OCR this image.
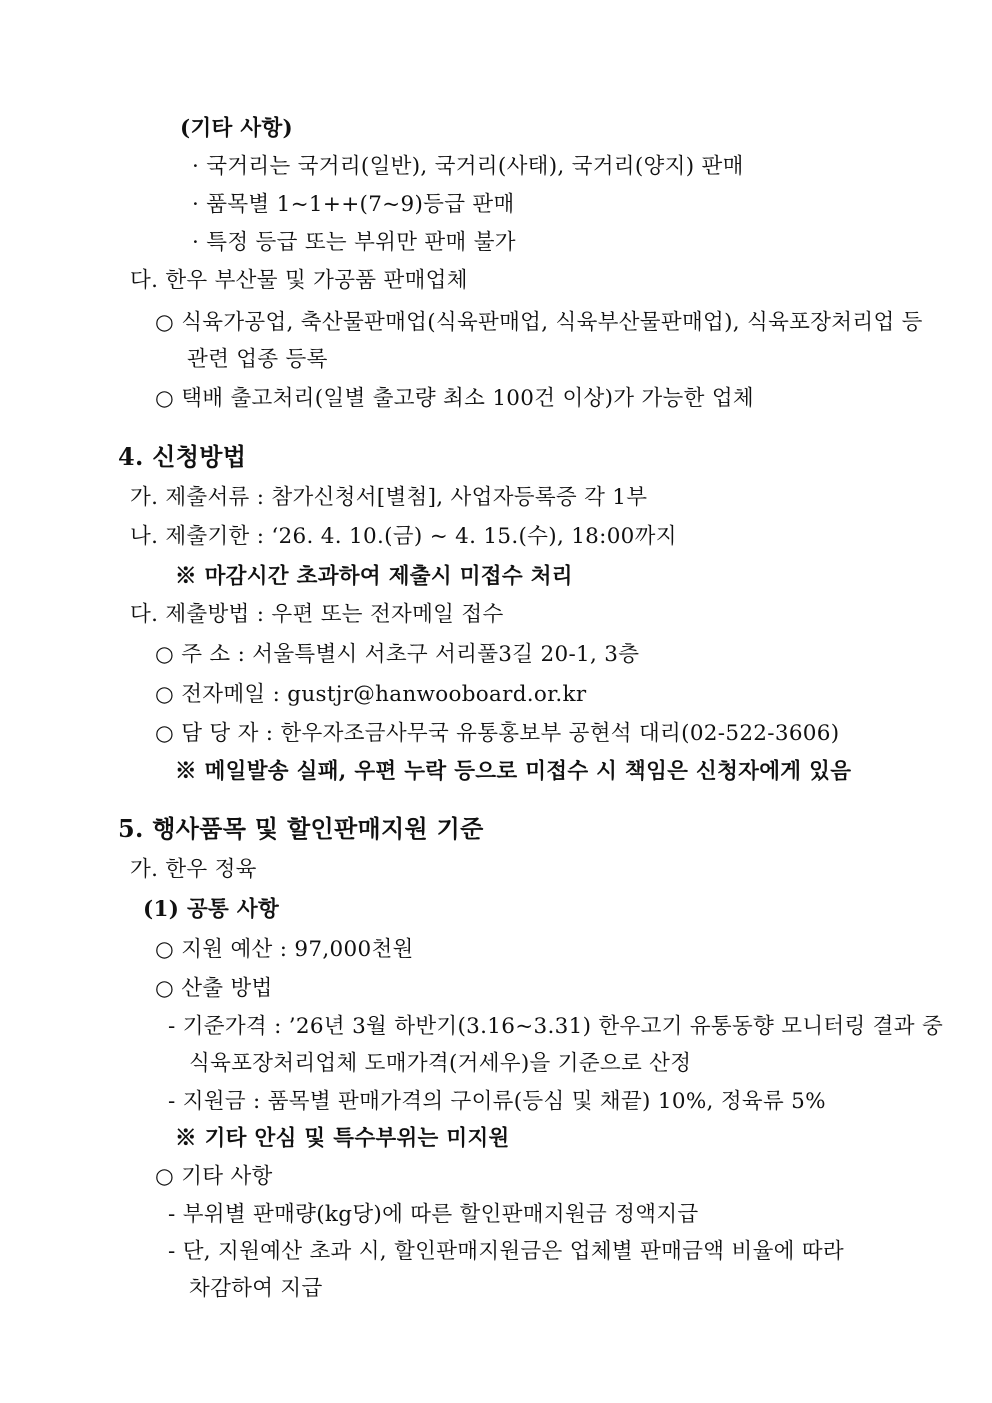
(기타 사항)
· 국거리는 국거리(일반), 국거리(사태), 국거리(양지) 판매
· 품목별 1~1++(7~9)등급 판매
· 특정 등급 또는 부위만 판매 불가
다. 한우 부산물 및 가공품 판매업체
○ 식육가공업, 축산물판매업(식육판매업, 식육부산물판매업), 식육포장처리업 등
관련 업종 등록
○ 택배 출고처리(일별 출고량 최소 100건 이상)가 가능한 업체
4. 신청방법
가. 제출서류 : 참가신청서[별첨], 사업자등록증 각 1부
나. 제출기한 : ‘26. 4. 10.(금) ~ 4. 15.(수), 18:00까지
※ 마감시간 초과하여 제출시 미접수 처리
다. 제출방법 : 우편 또는 전자메일 접수
○ 주 소 : 서울특별시 서초구 서리풀3길 20-1, 3층
○ 전자메일 : gustjr@hanwooboard.or.kr
○ 담 당 자 : 한우자조금사무국 유통홍보부 공현석 대리(02-522-3606)
※ 메일발송 실패, 우편 누락 등으로 미접수 시 책임은 신청자에게 있음
5. 행사품목 및 할인판매지원 기준
가. 한우 정육
(1) 공통 사항
○ 지원 예산 : 97,000천원
○ 산출 방법
- 기준가격 : ’26년 3월 하반기(3.16~3.31) 한우고기 유통동향 모니터링 결과 중
식육포장처리업체 도매가격(거세우)을 기준으로 산정
- 지원금 : 품목별 판매가격의 구이류(등심 및 채끝) 10%, 정육류 5%
※ 기타 안심 및 특수부위는 미지원
○ 기타 사항
- 부위별 판매량(kg당)에 따른 할인판매지원금 정액지급
- 단, 지원예산 초과 시, 할인판매지원금은 업체별 판매금액 비율에 따라
차감하여 지급
